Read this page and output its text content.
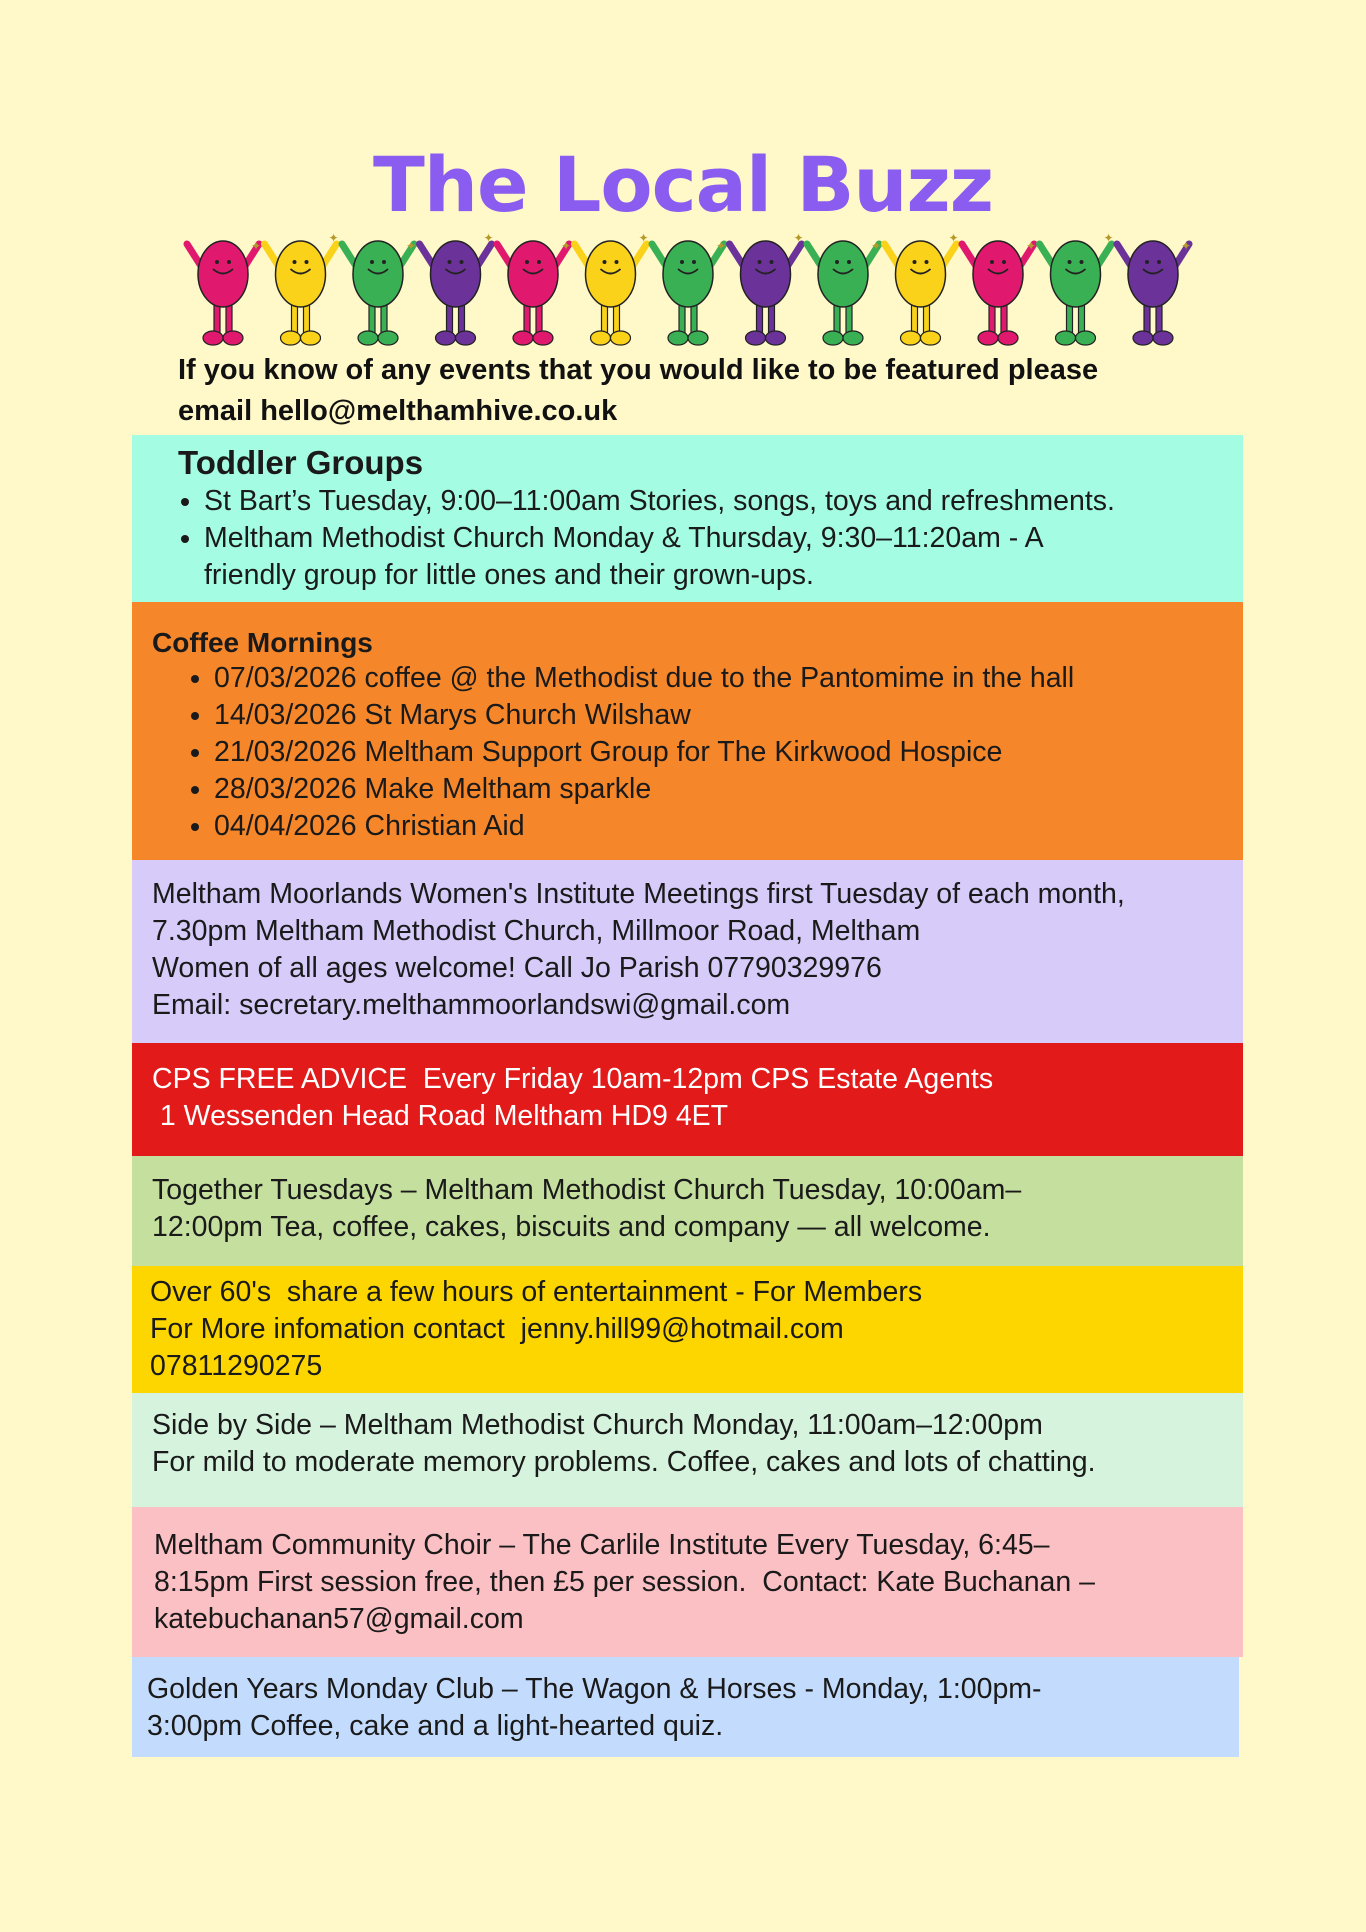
The Local Buzz
✦
✦
✦
✦
✦
✦
✦
✦
✦
✦
✦
✦
✦
If you know of any events that you would like to be featured please
email hello@melthamhive.co.uk
Toddler Groups
• St Bart’s Tuesday, 9:00–11:00am Stories, songs, toys and refreshments.
• Meltham Methodist Church Monday & Thursday, 9:30–11:20am - A
friendly group for little ones and their grown-ups.
Coffee Mornings
• 07/03/2026 coffee @ the Methodist due to the Pantomime in the hall
• 14/03/2026 St Marys Church Wilshaw
• 21/03/2026 Meltham Support Group for The Kirkwood Hospice
• 28/03/2026 Make Meltham sparkle
• 04/04/2026 Christian Aid
Meltham Moorlands Women's Institute Meetings first Tuesday of each month,
7.30pm Meltham Methodist Church, Millmoor Road, Meltham
Women of all ages welcome! Call Jo Parish 07790329976
Email: secretary.melthammoorlandswi@gmail.com
CPS FREE ADVICE  Every Friday 10am-12pm CPS Estate Agents
1 Wessenden Head Road Meltham HD9 4ET
Together Tuesdays – Meltham Methodist Church Tuesday, 10:00am–
12:00pm Tea, coffee, cakes, biscuits and company — all welcome.
Over 60's  share a few hours of entertainment - For Members
For More infomation contact  jenny.hill99@hotmail.com
07811290275
Side by Side – Meltham Methodist Church Monday, 11:00am–12:00pm
For mild to moderate memory problems. Coffee, cakes and lots of chatting.
Meltham Community Choir – The Carlile Institute Every Tuesday, 6:45–
8:15pm First session free, then £5 per session.  Contact: Kate Buchanan –
katebuchanan57@gmail.com
Golden Years Monday Club – The Wagon & Horses - Monday, 1:00pm-
3:00pm Coffee, cake and a light-hearted quiz.
